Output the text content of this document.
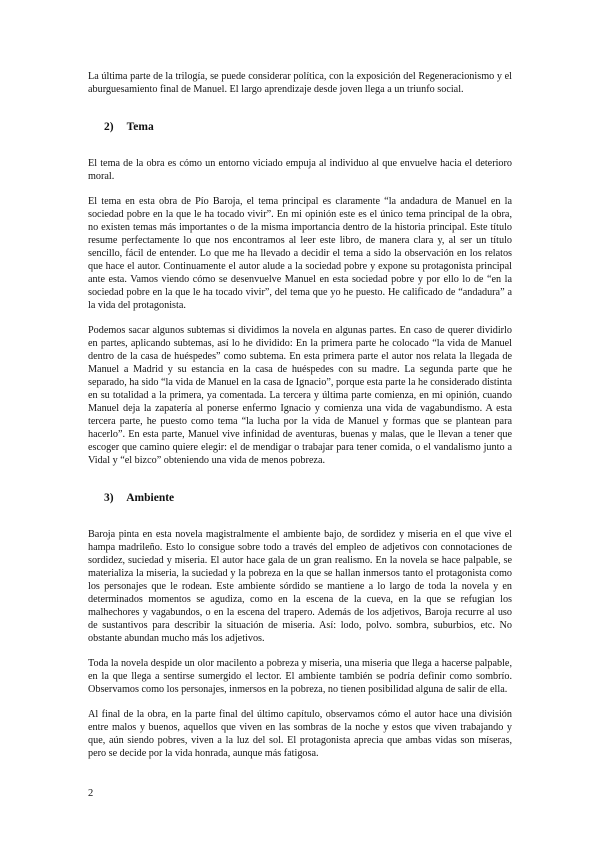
La última parte de la trilogía, se puede considerar política, con la exposición del Regeneracionismo y el aburguesamiento final de Manuel. El largo aprendizaje desde joven llega a un triunfo social.

2) Tema

El tema de la obra es cómo un entorno viciado empuja al individuo al que envuelve hacia el deterioro moral.

El tema en esta obra de Pío Baroja, el tema principal es claramente “la andadura de Manuel en la sociedad pobre en la que le ha tocado vivir”. En mi opinión este es el único tema principal de la obra, no existen temas más importantes o de la misma importancia dentro de la historia principal. Este título resume perfectamente lo que nos encontramos al leer este libro, de manera clara y, al ser un título sencillo, fácil de entender. Lo que me ha llevado a decidir el tema a sido la observación en los relatos que hace el autor. Continuamente el autor alude a la sociedad pobre y expone su protagonista principal ante esta. Vamos viendo cómo se desenvuelve Manuel en esta sociedad pobre y por ello lo de “en la sociedad pobre en la que le ha tocado vivir”, del tema que yo he puesto. He calificado de “andadura” a la vida del protagonista.

Podemos sacar algunos subtemas si dividimos la novela en algunas partes. En caso de querer dividirlo en partes, aplicando subtemas, así lo he dividido: En la primera parte he colocado “la vida de Manuel dentro de la casa de huéspedes” como subtema. En esta primera parte el autor nos relata la llegada de Manuel a Madrid y su estancia en la casa de huéspedes con su madre. La segunda parte que he separado, ha sido “la vida de Manuel en la casa de Ignacio”, porque esta parte la he considerado distinta en su totalidad a la primera, ya comentada. La tercera y última parte comienza, en mi opinión, cuando Manuel deja la zapatería al ponerse enfermo Ignacio y comienza una vida de vagabundismo. A esta tercera parte, he puesto como tema “la lucha por la vida de Manuel y formas que se plantean para hacerlo”. En esta parte, Manuel vive infinidad de aventuras, buenas y malas, que le llevan a tener que escoger que camino quiere elegir: el de mendigar o trabajar para tener comida, o el vandalismo junto a Vidal y “el bizco” obteniendo una vida de menos pobreza.

3) Ambiente

Baroja pinta en esta novela magistralmente el ambiente bajo, de sordidez y miseria en el que vive el hampa madrileño. Esto lo consigue sobre todo a través del empleo de adjetivos con connotaciones de sordidez, suciedad y miseria. El autor hace gala de un gran realismo. En la novela se hace palpable, se materializa la miseria, la suciedad y la pobreza en la que se hallan inmersos tanto el protagonista como los personajes que le rodean. Este ambiente sórdido se mantiene a lo largo de toda la novela y en determinados momentos se agudiza, como en la escena de la cueva, en la que se refugian los malhechores y vagabundos, o en la escena del trapero. Además de los adjetivos, Baroja recurre al uso de sustantivos para describir la situación de miseria. Así: lodo, polvo. sombra, suburbios, etc. No obstante abundan mucho más los adjetivos.

Toda la novela despide un olor macilento a pobreza y miseria, una miseria que llega a hacerse palpable, en la que llega a sentirse sumergido el lector. El ambiente también se podría definir como sombrío. Observamos como los personajes, inmersos en la pobreza, no tienen posibilidad alguna de salir de ella.

Al final de la obra, en la parte final del último capítulo, observamos cómo el autor hace una división entre malos y buenos, aquellos que viven en las sombras de la noche y estos que viven trabajando y que, aún siendo pobres, viven a la luz del sol. El protagonista aprecia que ambas vidas son míseras, pero se decide por la vida honrada, aunque más fatigosa.

2
